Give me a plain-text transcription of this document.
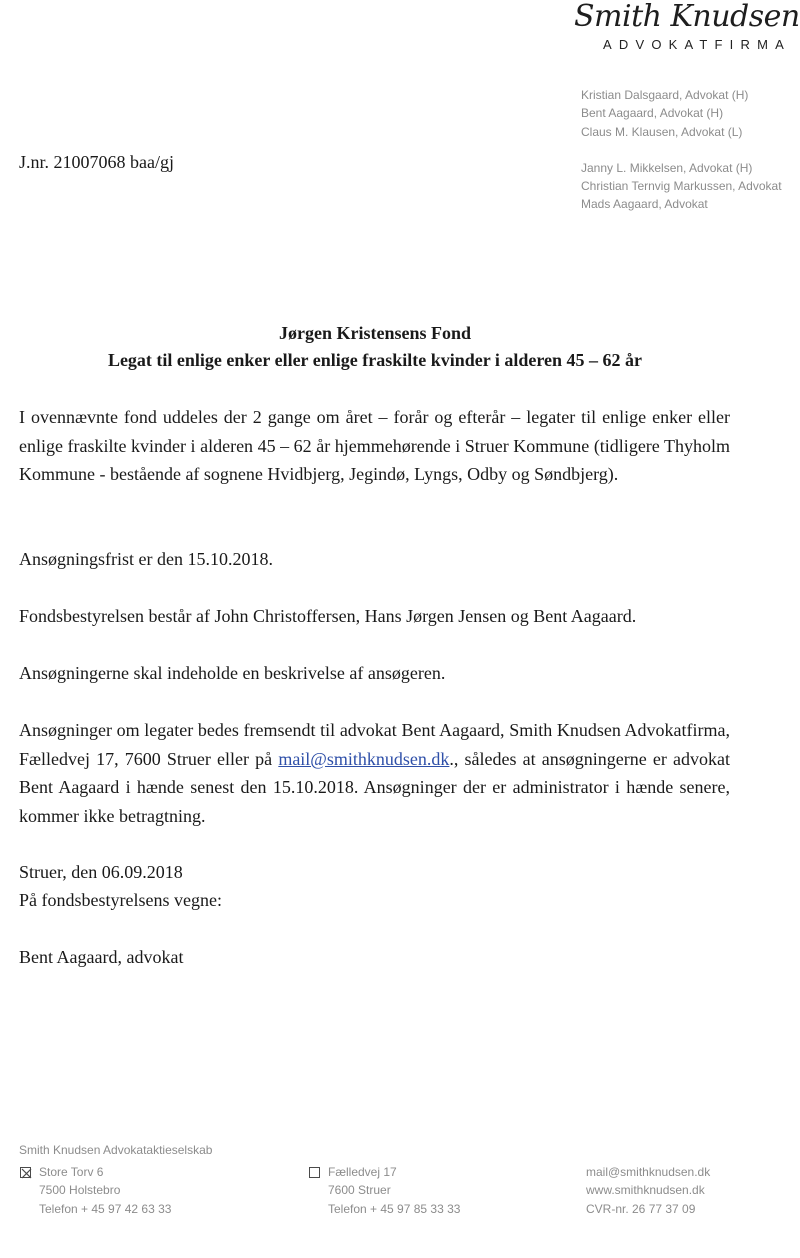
Smith Knudsen
ADVOKATFIRMA
Kristian Dalsgaard, Advokat (H)
Bent Aagaard, Advokat (H)
Claus M. Klausen, Advokat (L)
Janny L. Mikkelsen, Advokat (H)
Christian Ternvig Markussen, Advokat
Mads Aagaard, Advokat
J.nr. 21007068 baa/gj
Jørgen Kristensens Fond
Legat til enlige enker eller enlige fraskilte kvinder i alderen 45 – 62 år
I ovennævnte fond uddeles der 2 gange om året – forår og efterår – legater til enlige enker eller enlige fraskilte kvinder i alderen 45 – 62 år hjemmehørende i Struer Kommune (tidligere Thyholm Kommune - bestående af sognene Hvidbjerg, Jegindø, Lyngs, Odby og Søndbjerg).
Ansøgningsfrist er den 15.10.2018.
Fondsbestyrelsen består af John Christoffersen, Hans Jørgen Jensen og Bent Aagaard.
Ansøgningerne skal indeholde en beskrivelse af ansøgeren.
Ansøgninger om legater bedes fremsendt til advokat Bent Aagaard, Smith Knudsen Advokatfirma, Fælledvej 17, 7600 Struer eller på mail@smithknudsen.dk., således at ansøgningerne er advokat Bent Aagaard i hænde senest den 15.10.2018. Ansøgninger der er administrator i hænde senere, kommer ikke betragtning.
Struer, den 06.09.2018
På fondsbestyrelsens vegne:
Bent Aagaard, advokat
Smith Knudsen Advokataktieselskab
Store Torv 6
7500 Holstebro
Telefon + 45 97 42 63 33
Fælledvej 17
7600 Struer
Telefon + 45 97 85 33 33
mail@smithknudsen.dk
www.smithknudsen.dk
CVR-nr. 26 77 37 09
